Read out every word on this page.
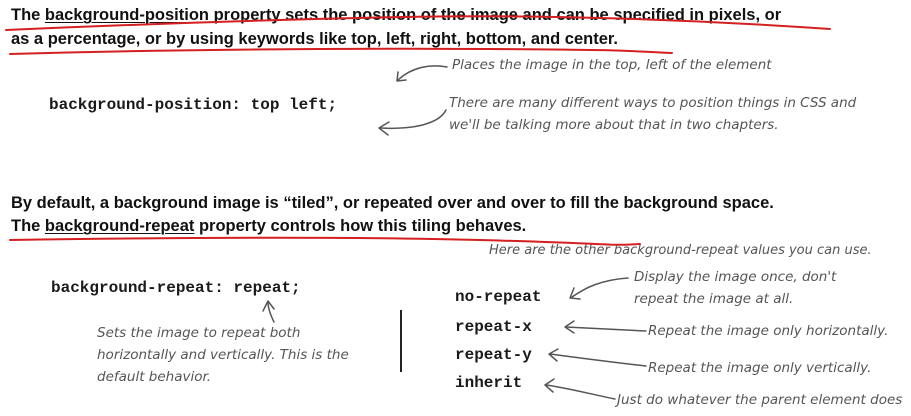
The background-position property sets the position of the image and can be specified in pixels, or
as a percentage, or by using keywords like top, left, right, bottom, and center.
background-position: top left;
Places the image in the top, left of the element
There are many different ways to position things in CSS and
we'll be talking more about that in two chapters.
By default, a background image is “tiled”, or repeated over and over to fill the background space.
The background-repeat property controls how this tiling behaves.
Here are the other background-repeat values you can use.
background-repeat: repeat;
Sets the image to repeat both
horizontally and vertically. This is the
default behavior.
no-repeat
repeat-x
repeat-y
inherit
Display the image once, don't
repeat the image at all.
Repeat the image only horizontally.
Repeat the image only vertically.
Just do whatever the parent element does
